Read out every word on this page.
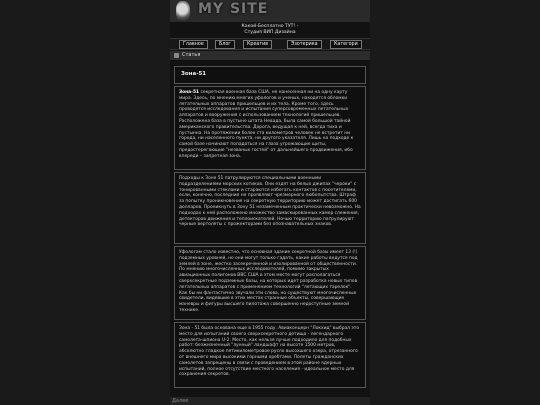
MY SITE
Какой-Бесплатно ТУТ! -
Студия ВИП Дизайна
Главное	Блог	Креатив	Эзотерика	Категори
Статья
Зона-51
Зона-51 секретная военная база США, не нанесенная ни на одну карту мира. Здесь, по мнению многих уфологов и ученых, находятся обломки летательных аппаратов пришельцев и их тела. Кроме того, здесь проводятся исследования и испытания суперсовременных летательных аппаратов и вооружения с использованием технологий пришельцев. Расположена база в пустыне штата Невада, была самой большой тайной американского правительства. Дорога, ведущая к ней, всегда тиха и пустынна. На протяжении более ста километров человек не встретит ни города, ни населенного пункта, ни другого указателя. Лишь на подходе к самой базе начинают попадаться на глаза угрожающие щиты, предостерегающие "незваных гостей" от дальнейшего продвижения, ибо впереди – запретная зона.
Подходы к Зоне 51 патрулируются специальными военными подразделениями морских котиков. Они ездят на белых джипах "чероки" с тонированными стеклами и стараются избегать контактов с посетителями, если, конечно, последние не проявляют чрезмерного любопытства. Штраф за попытку проникновения на секретную территорию может достигать 600 долларов. Проникнуть в Зону 51 незамеченным практически невозможно. На подходах к ней расположено множество замаскированных камер слежения, детекторов движения и теплоискателей. Ночью территорию патрулируют черные вертолеты с прожекторами без опознавательных знаков.
Уфологам стало известно, что основная здание секретной базы имеет 13 (!) подземных уровней, но они могут только гадать, какие работы ведутся под землей в зоне, жестко засекреченной и изолированной от общественности. По мнению многочисленных исследователей, помимо закрытых авиационных полигонов ВВС США в этом месте могут располагаться сверхсекретные подземные базы, на которых идет разработка новых типов летательных аппаратов с применением технологий "летающих тарелок". Как бы ни фантастично звучали эти слова, но существуют многочисленные свидетели, видевшие в этих местах странные объекты, совершающие маневры и фигуры высшего пилотажа совершенно недоступные земной технике.
Зона - 51 была основана еще в 1955 году. Авиаконцерн "Локхид" выбрал это место для испытаний своего сверхсекретного детища - легендарного самолета-шпиона U-2. Место, как нельзя лучше подходило для подобных работ: безжизненный "лунный" ландшафт на высоте 1500 метров, абсолютно гладкое пятикилометровое русло высохшего озера, отрезанного от внешнего мира высокими горными хребтами. Полеты гражданских самолетов запрещены в связи с проведением в этой районе ядерных испытаний, полное отсутствие местного населения - идеальное место для сохранения секретов.
Далее
